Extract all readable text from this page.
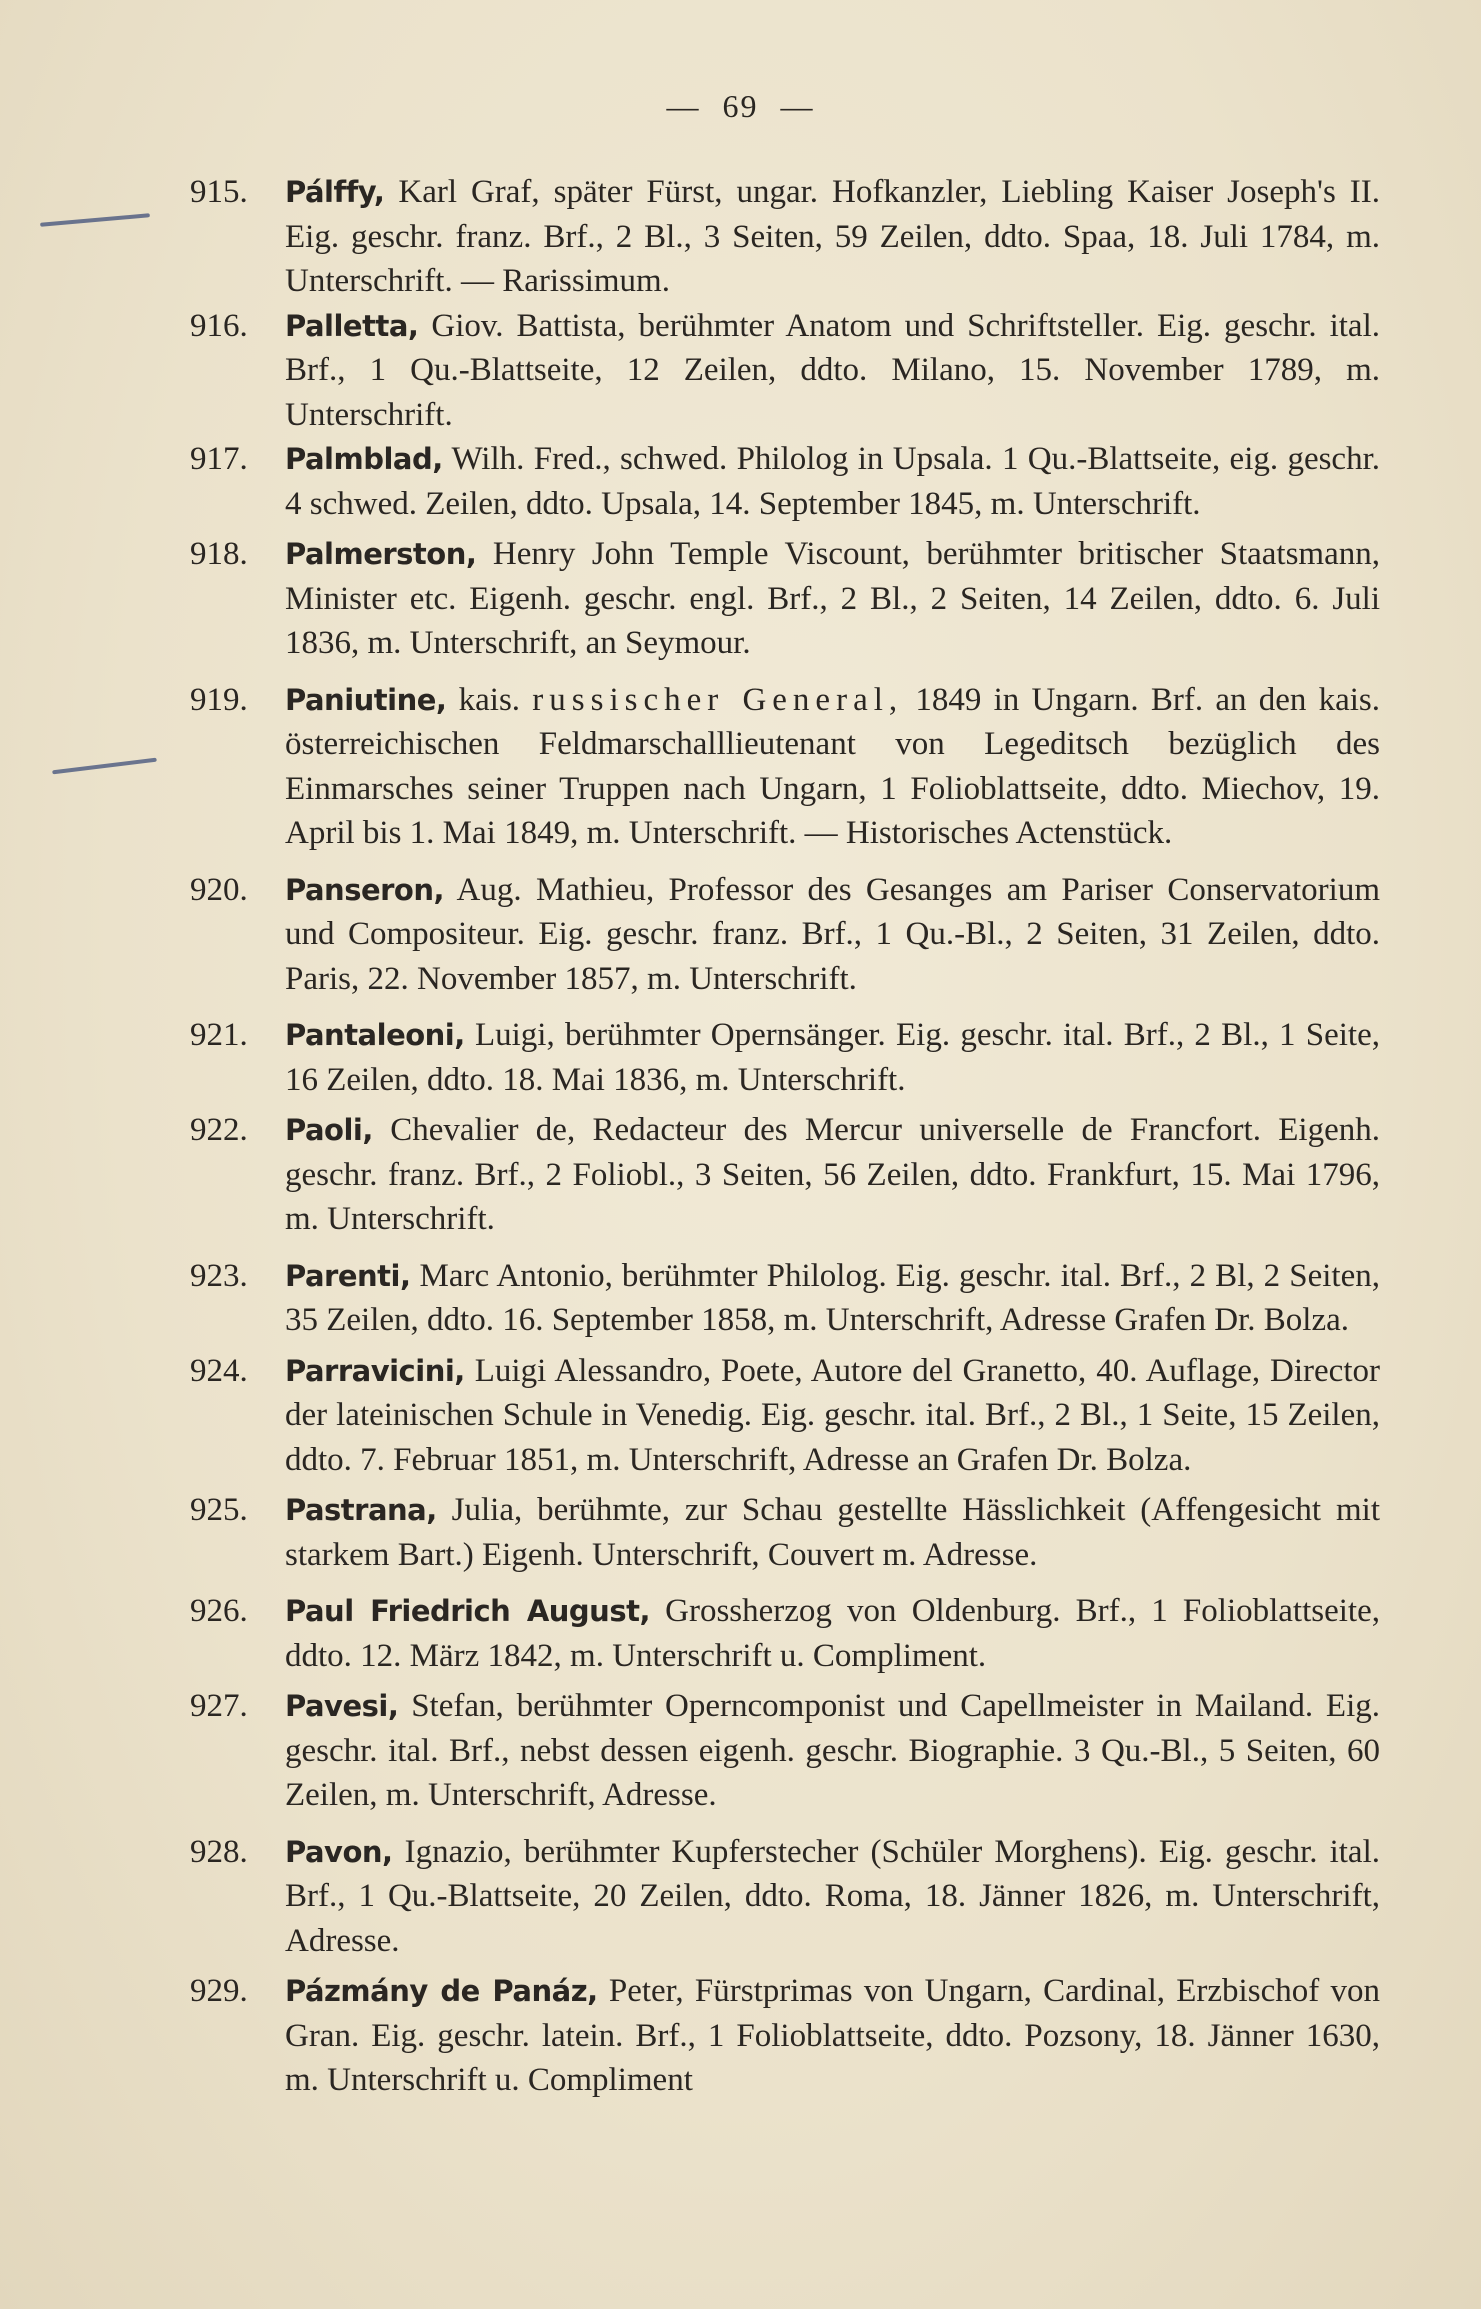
— 69 —
915.	Pálffy, Karl Graf, später Fürst, ungar. Hofkanzler, Liebling Kaiser Joseph's II. Eig. geschr. franz. Brf., 2 Bl., 3 Seiten, 59 Zeilen, ddto. Spaa, 18. Juli 1784, m. Unterschrift. — Rarissimum.
916.	Palletta, Giov. Battista, berühmter Anatom und Schriftsteller. Eig. geschr. ital. Brf., 1 Qu.-Blattseite, 12 Zeilen, ddto. Milano, 15. November 1789, m. Unterschrift.
917.	Palmblad, Wilh. Fred., schwed. Philolog in Upsala. 1 Qu.-Blattseite, eig. geschr. 4 schwed. Zeilen, ddto. Upsala, 14. September 1845, m. Unterschrift.
918.	Palmerston, Henry John Temple Viscount, berühmter britischer Staatsmann, Minister etc. Eigenh. geschr. engl. Brf., 2 Bl., 2 Seiten, 14 Zeilen, ddto. 6. Juli 1836, m. Unterschrift, an Seymour.
919.	Paniutine, kais. russischer General, 1849 in Ungarn. Brf. an den kais. österreichischen Feldmarschalllieutenant von Legeditsch bezüglich des Einmarsches seiner Truppen nach Ungarn, 1 Folioblattseite, ddto. Miechov, 19. April bis 1. Mai 1849, m. Unterschrift. — Historisches Actenstück.
920.	Panseron, Aug. Mathieu, Professor des Gesanges am Pariser Conservatorium und Compositeur. Eig. geschr. franz. Brf., 1 Qu.-Bl., 2 Seiten, 31 Zeilen, ddto. Paris, 22. November 1857, m. Unterschrift.
921.	Pantaleoni, Luigi, berühmter Opernsänger. Eig. geschr. ital. Brf., 2 Bl., 1 Seite, 16 Zeilen, ddto. 18. Mai 1836, m. Unterschrift.
922.	Paoli, Chevalier de, Redacteur des Mercur universelle de Francfort. Eigenh. geschr. franz. Brf., 2 Foliobl., 3 Seiten, 56 Zeilen, ddto. Frankfurt, 15. Mai 1796, m. Unterschrift.
923.	Parenti, Marc Antonio, berühmter Philolog. Eig. geschr. ital. Brf., 2 Bl, 2 Seiten, 35 Zeilen, ddto. 16. September 1858, m. Unterschrift, Adresse Grafen Dr. Bolza.
924.	Parravicini, Luigi Alessandro, Poete, Autore del Granetto, 40. Auflage, Director der lateinischen Schule in Venedig. Eig. geschr. ital. Brf., 2 Bl., 1 Seite, 15 Zeilen, ddto. 7. Februar 1851, m. Unterschrift, Adresse an Grafen Dr. Bolza.
925.	Pastrana, Julia, berühmte, zur Schau gestellte Hässlichkeit (Affengesicht mit starkem Bart.) Eigenh. Unterschrift, Couvert m. Adresse.
926.	Paul Friedrich August, Grossherzog von Oldenburg. Brf., 1 Folioblattseite, ddto. 12. März 1842, m. Unterschrift u. Compliment.
927.	Pavesi, Stefan, berühmter Operncomponist und Capellmeister in Mailand. Eig. geschr. ital. Brf., nebst dessen eigenh. geschr. Biographie. 3 Qu.-Bl., 5 Seiten, 60 Zeilen, m. Unterschrift, Adresse.
928.	Pavon, Ignazio, berühmter Kupferstecher (Schüler Morghens). Eig. geschr. ital. Brf., 1 Qu.-Blattseite, 20 Zeilen, ddto. Roma, 18. Jänner 1826, m. Unterschrift, Adresse.
929.	Pázmány de Panáz, Peter, Fürstprimas von Ungarn, Cardinal, Erzbischof von Gran. Eig. geschr. latein. Brf., 1 Folioblattseite, ddto. Pozsony, 18. Jänner 1630, m. Unterschrift u. Compliment
